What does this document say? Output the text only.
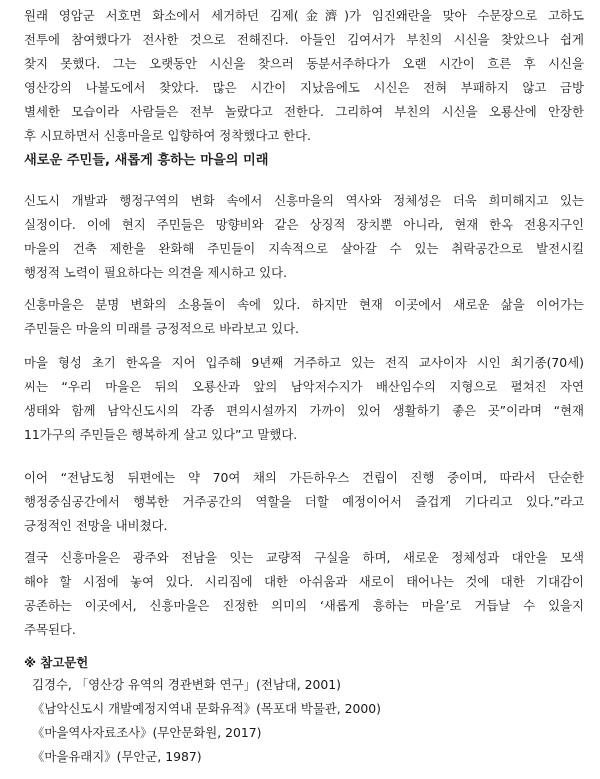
원래 영암군 서호면 화소에서 세거하던 김제(金濟)가 임진왜란을 맞아 수문장으로 고하도
전투에 참여했다가 전사한 것으로 전해진다. 아들인 김여서가 부친의 시신을 찾았으나 쉽게
찾지 못했다. 그는 오랫동안 시신을 찾으러 동분서주하다가 오랜 시간이 흐른 후 시신을
영산강의 나불도에서 찾았다. 많은 시간이 지났음에도 시신은 전혀 부패하지 않고 금방
별세한 모습이라 사람들은 전부 놀랐다고 전한다. 그리하여 부친의 시신을 오룡산에 안장한
후 시묘하면서 신흥마을로 입향하여 정착했다고 한다.

새로운 주민들, 새롭게 흥하는 마을의 미래

신도시 개발과 행정구역의 변화 속에서 신흥마을의 역사와 정체성은 더욱 희미해지고 있는
실정이다. 이에 현지 주민들은 망향비와 같은 상징적 장치뿐 아니라, 현재 한옥 전용지구인
마을의 건축 제한을 완화해 주민들이 지속적으로 살아갈 수 있는 취락공간으로 발전시킬
행정적 노력이 필요하다는 의견을 제시하고 있다.

신흥마을은 분명 변화의 소용돌이 속에 있다. 하지만 현재 이곳에서 새로운 삶을 이어가는
주민들은 마을의 미래를 긍정적으로 바라보고 있다.

마을 형성 초기 한옥을 지어 입주해 9년째 거주하고 있는 전직 교사이자 시인 최기종(70세)
씨는 “우리 마을은 뒤의 오룡산과 앞의 남악저수지가 배산임수의 지형으로 펼쳐진 자연
생태와 함께 남악신도시의 각종 편의시설까지 가까이 있어 생활하기 좋은 곳”이라며 “현재
11가구의 주민들은 행복하게 살고 있다”고 말했다.

이어 “전남도청 뒤편에는 약 70여 채의 가든하우스 건립이 진행 중이며, 따라서 단순한
행정중심공간에서 행복한 거주공간의 역할을 더할 예정이어서 즐겁게 기다리고 있다.”라고
긍정적인 전망을 내비쳤다.

결국 신흥마을은 광주와 전남을 잇는 교량적 구실을 하며, 새로운 정체성과 대안을 모색
해야 할 시점에 놓여 있다. 시리짐에 대한 아쉬움과 새로이 태어나는 것에 대한 기대감이
공존하는 이곳에서, 신흥마을은 진정한 의미의 ‘새롭게 흥하는 마을’로 거듭날 수 있을지
주목된다.

※ 참고문헌
김경수, 「영산강 유역의 경관변화 연구」(전남대, 2001)
《남악신도시 개발예정지역내 문화유적》(목포대 박물관, 2000)
《마을역사자료조사》(무안문화원, 2017)
《마을유래지》(무안군, 1987)
